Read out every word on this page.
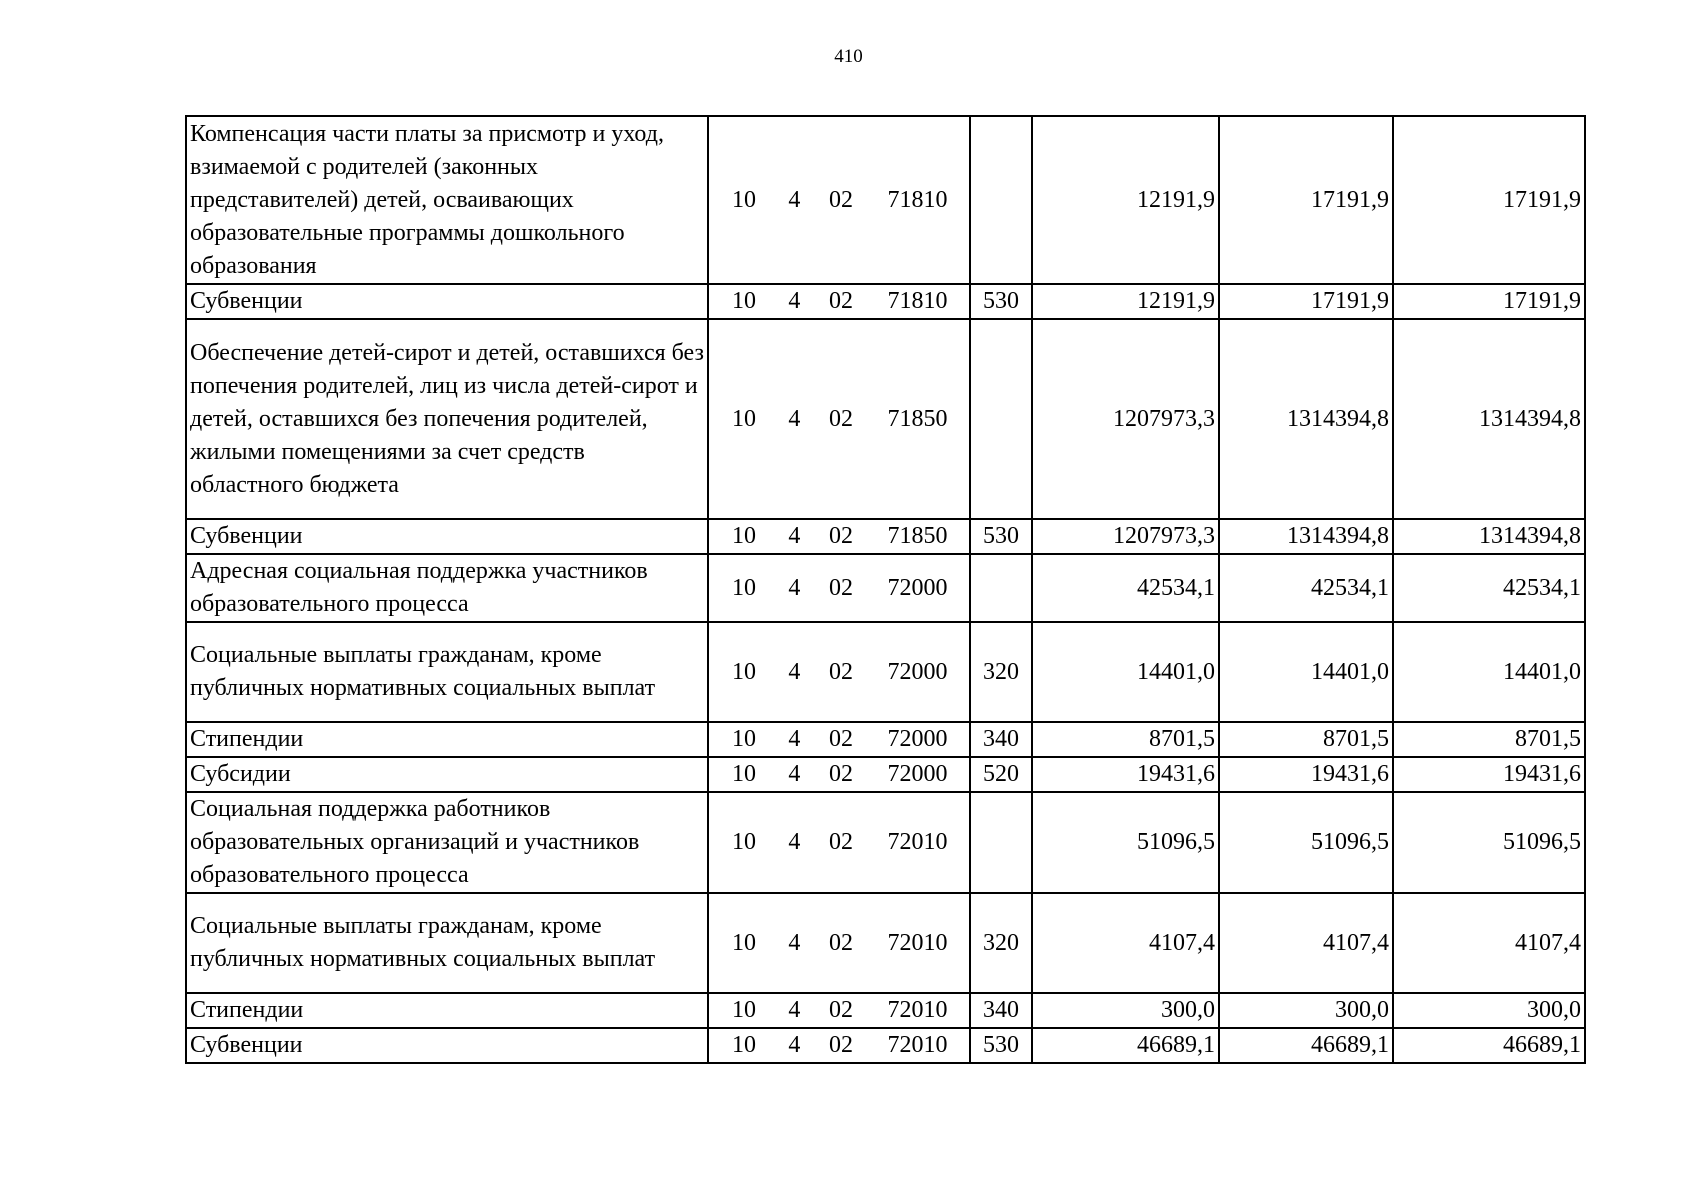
410
Компенсация части платы за присмотр и уход, взимаемой с родителей (законных представителей) детей, осваивающих образовательные программы дошкольного образования	10 4 02 71810		12191,9	17191,9	17191,9
Субвенции	10 4 02 71810	530	12191,9	17191,9	17191,9
Обеспечение детей-сирот и детей, оставшихся без попечения родителей, лиц из числа детей-сирот и детей, оставшихся без попечения родителей, жилыми помещениями за счет средств областного бюджета	10 4 02 71850		1207973,3	1314394,8	1314394,8
Субвенции	10 4 02 71850	530	1207973,3	1314394,8	1314394,8
Адресная социальная поддержка участников образовательного процесса	10 4 02 72000		42534,1	42534,1	42534,1
Социальные выплаты гражданам, кроме публичных нормативных социальных выплат	10 4 02 72000	320	14401,0	14401,0	14401,0
Стипендии	10 4 02 72000	340	8701,5	8701,5	8701,5
Субсидии	10 4 02 72000	520	19431,6	19431,6	19431,6
Социальная поддержка работников образовательных организаций и участников образовательного процесса	10 4 02 72010		51096,5	51096,5	51096,5
Социальные выплаты гражданам, кроме публичных нормативных социальных выплат	10 4 02 72010	320	4107,4	4107,4	4107,4
Стипендии	10 4 02 72010	340	300,0	300,0	300,0
Субвенции	10 4 02 72010	530	46689,1	46689,1	46689,1
